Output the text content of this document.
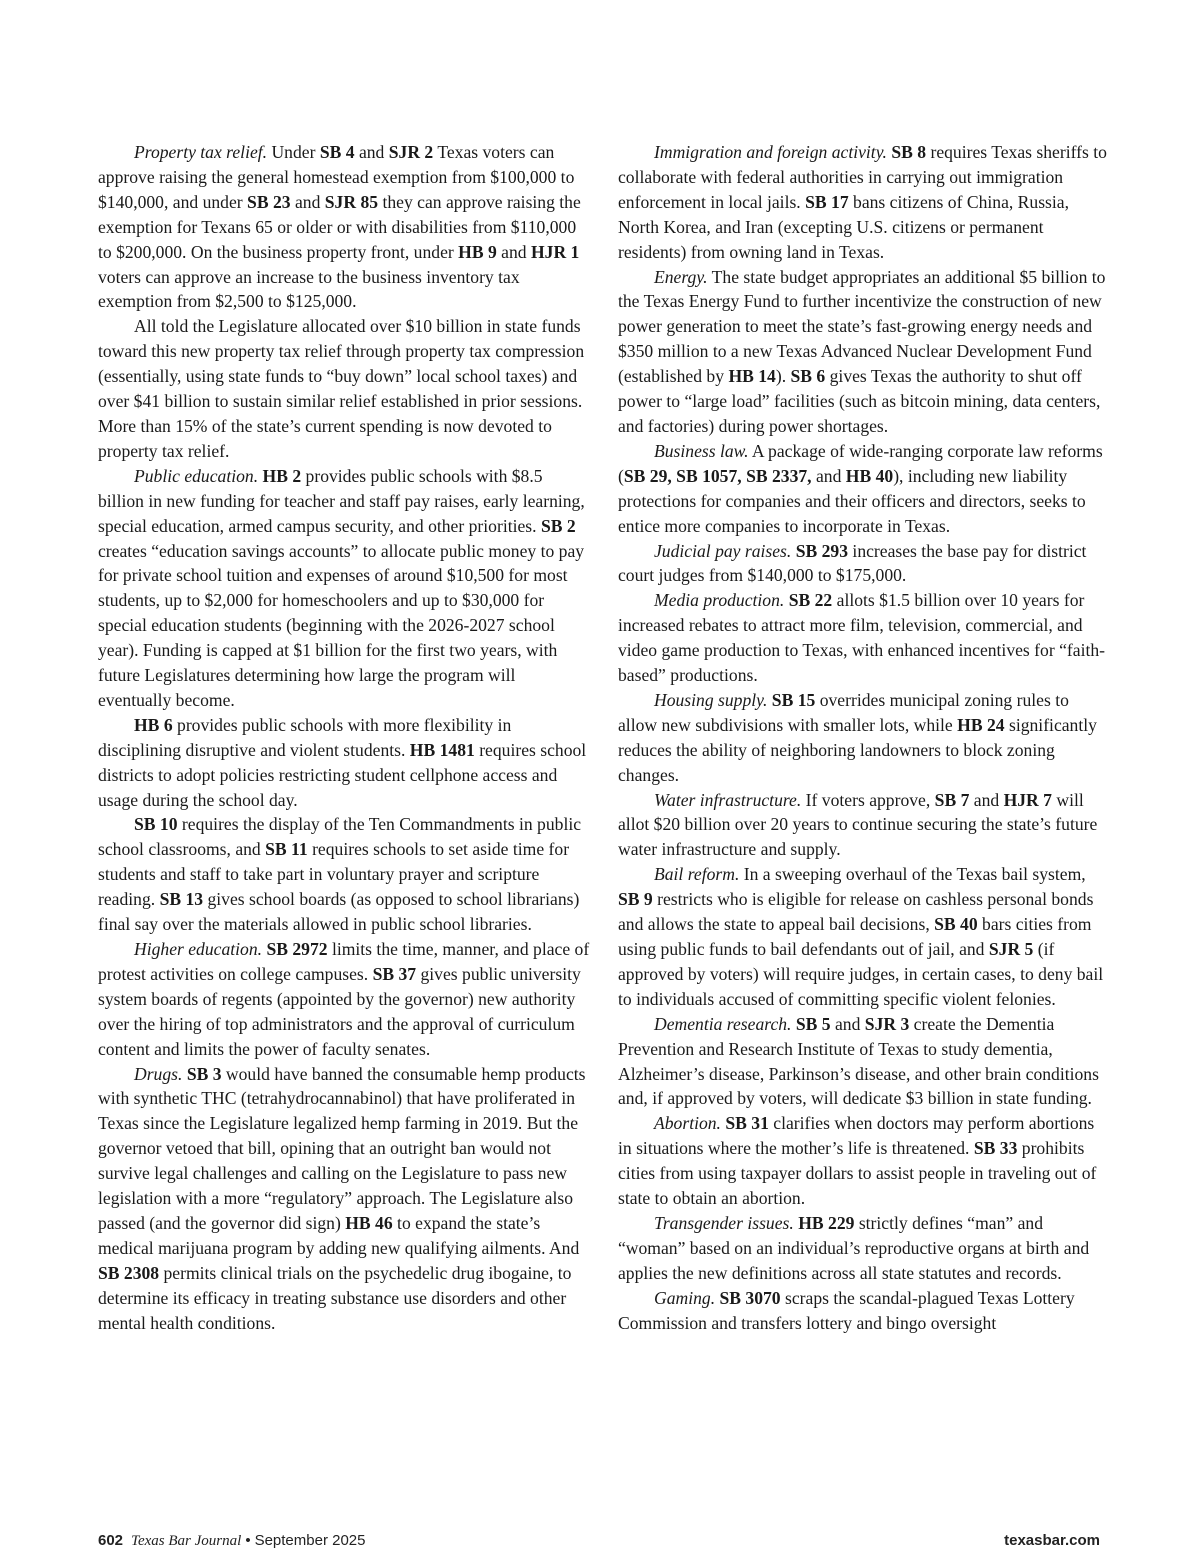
Property tax relief. Under SB 4 and SJR 2 Texas voters can approve raising the general homestead exemption from $100,000 to $140,000, and under SB 23 and SJR 85 they can approve raising the exemption for Texans 65 or older or with disabilities from $110,000 to $200,000. On the business property front, under HB 9 and HJR 1 voters can approve an increase to the business inventory tax exemption from $2,500 to $125,000.

All told the Legislature allocated over $10 billion in state funds toward this new property tax relief through property tax compression (essentially, using state funds to “buy down” local school taxes) and over $41 billion to sustain similar relief established in prior sessions. More than 15% of the state’s current spending is now devoted to property tax relief.

Public education. HB 2 provides public schools with $8.5 billion in new funding for teacher and staff pay raises, early learning, special education, armed campus security, and other priorities. SB 2 creates “education savings accounts” to allocate public money to pay for private school tuition and expenses of around $10,500 for most students, up to $2,000 for homeschoolers and up to $30,000 for special education students (beginning with the 2026-2027 school year). Funding is capped at $1 billion for the first two years, with future Legislatures determining how large the program will eventually become.

HB 6 provides public schools with more flexibility in disciplining disruptive and violent students. HB 1481 requires school districts to adopt policies restricting student cellphone access and usage during the school day.

SB 10 requires the display of the Ten Commandments in public school classrooms, and SB 11 requires schools to set aside time for students and staff to take part in voluntary prayer and scripture reading. SB 13 gives school boards (as opposed to school librarians) final say over the materials allowed in public school libraries.

Higher education. SB 2972 limits the time, manner, and place of protest activities on college campuses. SB 37 gives public university system boards of regents (appointed by the governor) new authority over the hiring of top administrators and the approval of curriculum content and limits the power of faculty senates.

Drugs. SB 3 would have banned the consumable hemp products with synthetic THC (tetrahydrocannabinol) that have proliferated in Texas since the Legislature legalized hemp farming in 2019. But the governor vetoed that bill, opining that an outright ban would not survive legal challenges and calling on the Legislature to pass new legislation with a more “regulatory” approach. The Legislature also passed (and the governor did sign) HB 46 to expand the state’s medical marijuana program by adding new qualifying ailments. And SB 2308 permits clinical trials on the psychedelic drug ibogaine, to determine its efficacy in treating substance use disorders and other mental health conditions.

Immigration and foreign activity. SB 8 requires Texas sheriffs to collaborate with federal authorities in carrying out immigration enforcement in local jails. SB 17 bans citizens of China, Russia, North Korea, and Iran (excepting U.S. citizens or permanent residents) from owning land in Texas.

Energy. The state budget appropriates an additional $5 billion to the Texas Energy Fund to further incentivize the construction of new power generation to meet the state’s fast-growing energy needs and $350 million to a new Texas Advanced Nuclear Development Fund (established by HB 14). SB 6 gives Texas the authority to shut off power to “large load” facilities (such as bitcoin mining, data centers, and factories) during power shortages.

Business law. A package of wide-ranging corporate law reforms (SB 29, SB 1057, SB 2337, and HB 40), including new liability protections for companies and their officers and directors, seeks to entice more companies to incorporate in Texas.

Judicial pay raises. SB 293 increases the base pay for district court judges from $140,000 to $175,000.

Media production. SB 22 allots $1.5 billion over 10 years for increased rebates to attract more film, television, commercial, and video game production to Texas, with enhanced incentives for “faith-based” productions.

Housing supply. SB 15 overrides municipal zoning rules to allow new subdivisions with smaller lots, while HB 24 significantly reduces the ability of neighboring landowners to block zoning changes.

Water infrastructure. If voters approve, SB 7 and HJR 7 will allot $20 billion over 20 years to continue securing the state’s future water infrastructure and supply.

Bail reform. In a sweeping overhaul of the Texas bail system, SB 9 restricts who is eligible for release on cashless personal bonds and allows the state to appeal bail decisions, SB 40 bars cities from using public funds to bail defendants out of jail, and SJR 5 (if approved by voters) will require judges, in certain cases, to deny bail to individuals accused of committing specific violent felonies.

Dementia research. SB 5 and SJR 3 create the Dementia Prevention and Research Institute of Texas to study dementia, Alzheimer’s disease, Parkinson’s disease, and other brain conditions and, if approved by voters, will dedicate $3 billion in state funding.

Abortion. SB 31 clarifies when doctors may perform abortions in situations where the mother’s life is threatened. SB 33 prohibits cities from using taxpayer dollars to assist people in traveling out of state to obtain an abortion.

Transgender issues. HB 229 strictly defines “man” and “woman” based on an individual’s reproductive organs at birth and applies the new definitions across all state statutes and records.

Gaming. SB 3070 scraps the scandal-plagued Texas Lottery Commission and transfers lottery and bingo oversight

602 Texas Bar Journal • September 2025	texasbar.com
